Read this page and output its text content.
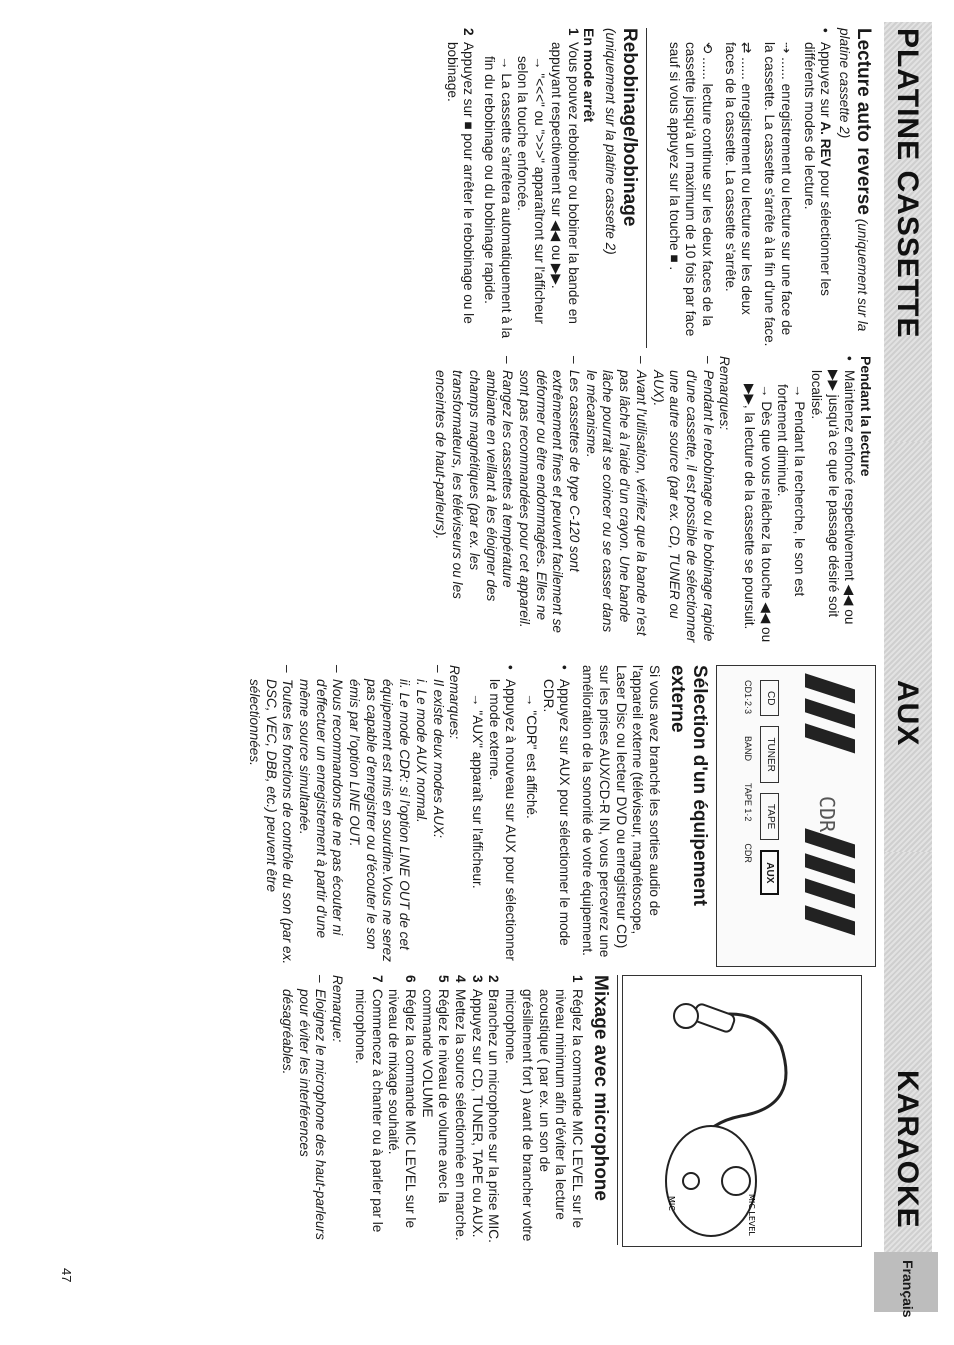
PLATINE CASSETTE
AUX
KARAOKE
Français

Lecture auto reverse (uniquement sur la platine cassette 2)

•Appuyez sur A. REV pour sélectionner les différents modes de lecture.

⇢ ...... enregistrement ou lecture sur une face de la cassette. La cassette s'arrête à la fin d'une face.

⇄ ...... enregistrement ou lecture sur les deux faces de la cassette. La cassette s'arrête.

⟲ ...... lecture continue sur les deux faces de la cassette jusqu'à un maximum de 10 fois par face sauf si vous appuyez sur la touche ■ .

Rebobinage/bobinage

(uniquement sur la platine cassette 2)

En mode arrêt

1Vous pouvez rebobiner ou bobiner la bande en appuyant respectivement sur ◀◀ ou ▶▶.

→ "<<<" ou ">>>" apparaîtront sur l'afficheur selon la touche enfoncée.

→ La cassette s'arrêtera automatiquement à la fin du rebobinage ou du bobinage rapide.

2Appuyez sur ■ pour arrêter le rebobinage ou le bobinage.

Pendant la lecture

•Maintenez enfoncé respectivement ◀◀ ou ▶▶ jusqu'à ce que le passage désiré soit localisé.

→ Pendant la recherche, le son est fortement diminué.

→ Dès que vous relâchez la touche ◀◀ ou ▶▶, la lecture de la cassette se poursuit.

Remarques:

–Pendant le rebobinage ou le bobinage rapide d'une cassette, il est possible de sélectionner une autre source (par ex. CD, TUNER ou AUX).

–Avant l'utilisation, vérifiez que la bande n'est pas lâche à l'aide d'un crayon. Une bande lâche pourrait se coincer ou se casser dans le mécanisme.

–Les cassettes de type C-120 sont extrêmement fines et peuvent facilement se déformer ou être endommagées. Elles ne sont pas recommandées pour cet appareil.

–Rangez les cassettes à température ambiante en veillant à les éloigner des champs magnétiques (par ex. les transformateurs, les téléviseurs ou les enceintes de haut-parleurs).

CDR
CD
TUNER
TAPE
AUX
CD1·2·3
BAND
TAPE 1·2
CDR

Sélection d'un équipement externe

Si vous avez branché les sorties audio de l'appareil externe (téléviseur, magnétoscope, Laser Disc ou lecteur DVD ou enregistreur CD) sur les prises AUX/CD-R IN, vous percevrez une amélioration de la sonorité de votre équipement.

•Appuyez sur AUX pour sélectionner le mode CDR.

→ "CDR" est affiché.

•Appuyez à nouveau sur AUX pour sélectionner le mode externe.

→ "AUX" apparaît sur l'afficheur.

Remarques:

–Il existe deux modes AUX:

i. Le mode AUX normal.

ii. Le mode CDR: si l'option LINE OUT de cet équipement est mis en sourdine.Vous ne serez pas capable d'enregistrer ou d'écouter le son émis par l'option LINE OUT.

–Nous recommandons de ne pas écouter ni d'effectuer un enregistrement à partir d'une même source simultanée.

–Toutes les fonctions de contrôle du son (par ex. DSC, VEC, DBB, etc.) peuvent être sélectionnées.

MIC LEVEL
MIC

Mixage avec microphone

1Réglez la commande MIC LEVEL sur le niveau minimum afin d'éviter la lecture acoustique ( par ex. un son de grésillement fort ) avant de brancher votre microphone.

2Branchez un microphone sur la prise MIC.

3Appuyez sur CD, TUNER, TAPE ou AUX.

4Mettez la source sélectionnée en marche.

5Réglez le niveau de volume avec la commande VOLUME

6Réglez la commande MIC LEVEL sur le niveau de mixage souhaité.

7Commencez à chanter ou à parler par le microphone.

Remarque:

–Eloignez le microphone des haut-parleurs pour éviter les interférences désagréables.

47
